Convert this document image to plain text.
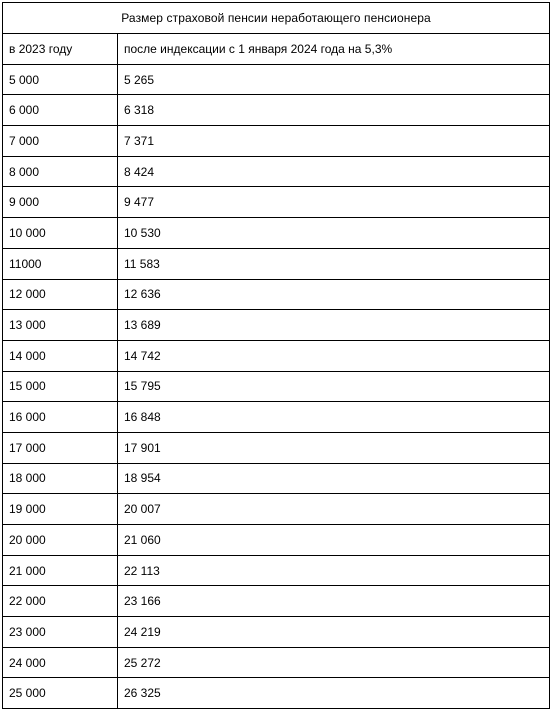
Размер страховой пенсии неработающего пенсионера	
в 2023 году	после индексации с 1 января 2024 года на 5,3%
5 000	5 265
6 000	6 318
7 000	7 371
8 000	8 424
9 000	9 477
10 000	10 530
11000	11 583
12 000	12 636
13 000	13 689
14 000	14 742
15 000	15 795
16 000	16 848
17 000	17 901
18 000	18 954
19 000	20 007
20 000	21 060
21 000	22 113
22 000	23 166
23 000	24 219
24 000	25 272
25 000	26 325
